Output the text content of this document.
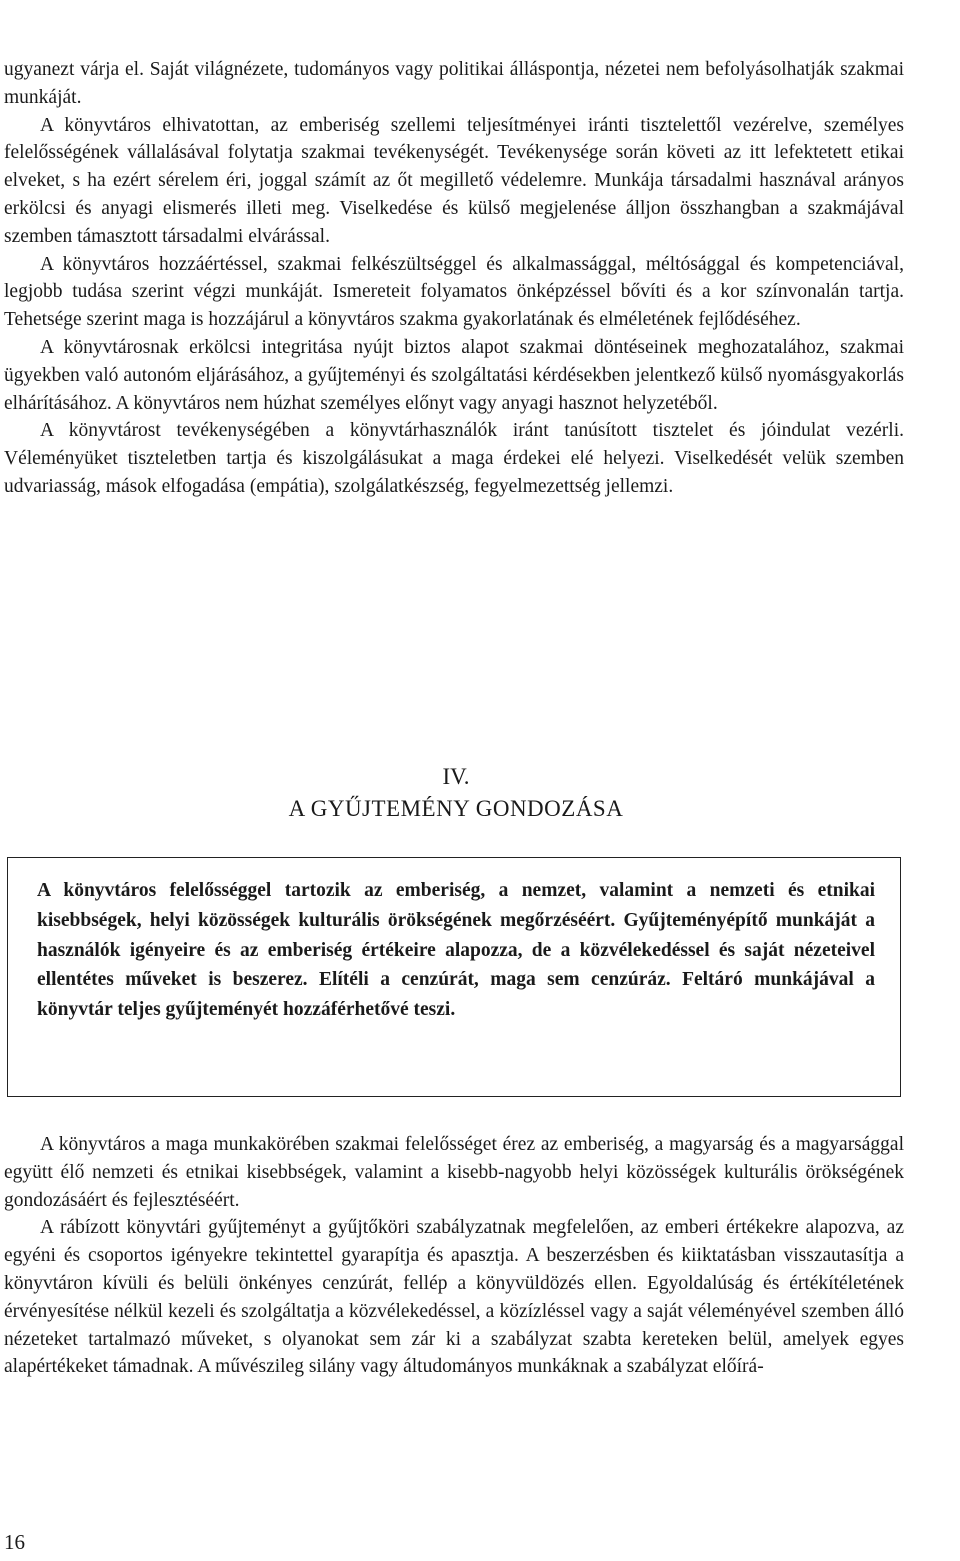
ugyanezt várja el. Saját világnézete, tudományos vagy politikai álláspontja, nézetei nem befolyásolhatják szakmai munkáját.

A könyvtáros elhivatottan, az emberiség szellemi teljesítményei iránti tisztelettől vezérelve, személyes felelősségének vállalásával folytatja szakmai tevékenységét. Tevékenysége során követi az itt lefektetett etikai elveket, s ha ezért sérelem éri, joggal számít az őt megillető védelemre. Munkája társadalmi hasznával arányos erkölcsi és anyagi elismerés illeti meg. Viselkedése és külső megjelenése álljon összhangban a szakmájával szemben támasztott társadalmi elvárással.

A könyvtáros hozzáértéssel, szakmai felkészültséggel és alkalmassággal, méltósággal és kompetenciával, legjobb tudása szerint végzi munkáját. Ismereteit folyamatos önképzéssel bővíti és a kor színvonalán tartja. Tehetsége szerint maga is hozzájárul a könyvtáros szakma gyakorlatának és elméletének fejlődéséhez.

A könyvtárosnak erkölcsi integritása nyújt biztos alapot szakmai döntéseinek meghozatalához, szakmai ügyekben való autonóm eljárásához, a gyűjteményi és szolgáltatási kérdésekben jelentkező külső nyomásgyakorlás elhárításához. A könyvtáros nem húzhat személyes előnyt vagy anyagi hasznot helyzetéből.

A könyvtárost tevékenységében a könyvtárhasználók iránt tanúsított tisztelet és jóindulat vezérli. Véleményüket tiszteletben tartja és kiszolgálásukat a maga érdekei elé helyezi. Viselkedését velük szemben udvariasság, mások elfogadása (empátia), szolgálatkészség, fegyelmezettség jellemzi.

IV.
A GYŰJTEMÉNY GONDOZÁSA

A könyvtáros felelősséggel tartozik az emberiség, a nemzet, valamint a nemzeti és etnikai kisebbségek, helyi közösségek kulturális örökségének megőrzéséért. Gyűjteményépítő munkáját a használók igényeire és az emberiség értékeire alapozza, de a közvélekedéssel és saját nézeteivel ellentétes műveket is beszerez. Elítéli a cenzúrát, maga sem cenzúráz. Feltáró munkájával a könyvtár teljes gyűjteményét hozzáférhetővé teszi.

A könyvtáros a maga munkakörében szakmai felelősséget érez az emberiség, a magyarság és a magyarsággal együtt élő nemzeti és etnikai kisebbségek, valamint a kisebb-nagyobb helyi közösségek kulturális örökségének gondozásáért és fejlesztéséért.

A rábízott könyvtári gyűjteményt a gyűjtőköri szabályzatnak megfelelően, az emberi értékekre alapozva, az egyéni és csoportos igényekre tekintettel gyarapítja és apasztja. A beszerzésben és kiiktatásban visszautasítja a könyvtáron kívüli és belüli önkényes cenzúrát, fellép a könyvüldözés ellen. Egyoldalúság és értékítéletének érvényesítése nélkül kezeli és szolgáltatja a közvélekedéssel, a közízléssel vagy a saját véleményével szemben álló nézeteket tartalmazó műveket, s olyanokat sem zár ki a szabályzat szabta kereteken belül, amelyek egyes alapértékeket támadnak. A művészileg silány vagy áltudományos munkáknak a szabályzat előírá-

16
